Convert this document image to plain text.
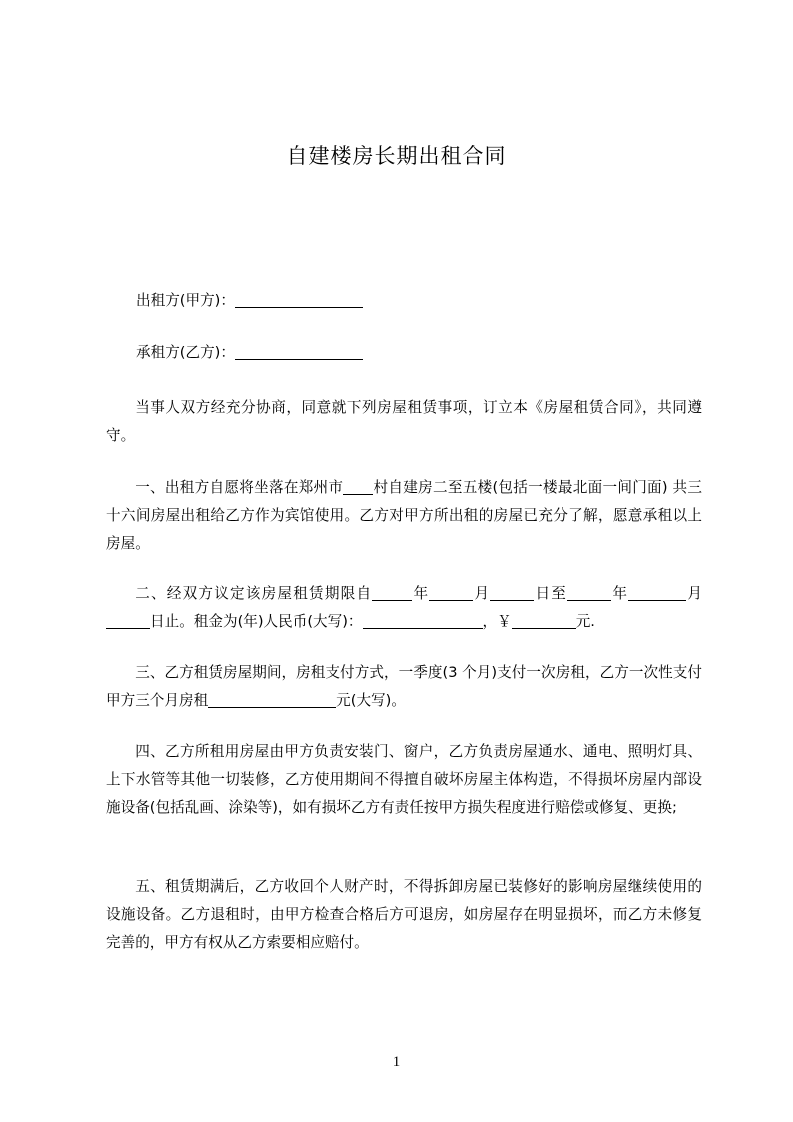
自建楼房长期出租合同

出租方(甲方)：

承租方(乙方)：

当事人双方经充分协商，同意就下列房屋租赁事项，订立本《房屋租赁合同》，共同遵守。

一、出租方自愿将坐落在郑州市 村自建房二至五楼(包括一楼最北面一间门面) 共三十六间房屋出租给乙方作为宾馆使用。乙方对甲方所出租的房屋已充分了解，愿意承租以上房屋。

二、经双方议定该房屋租赁期限自	年	月	日至	年	月日止。租金为(年)人民币(大写)：	，￥	元.

三、乙方租赁房屋期间，房租支付方式，一季度(3 个月)支付一次房租，乙方一次性支付甲方三个月房租	元(大写)。

四、乙方所租用房屋由甲方负责安装门、窗户，乙方负责房屋通水、通电、照明灯具、上下水管等其他一切装修，乙方使用期间不得擅自破坏房屋主体构造，不得损坏房屋内部设施设备(包括乱画、涂染等)，如有损坏乙方有责任按甲方损失程度进行赔偿或修复、更换;

五、租赁期满后，乙方收回个人财产时，不得拆卸房屋已装修好的影响房屋继续使用的设施设备。乙方退租时，由甲方检查合格后方可退房，如房屋存在明显损坏，而乙方未修复完善的，甲方有权从乙方索要相应赔付。

1
